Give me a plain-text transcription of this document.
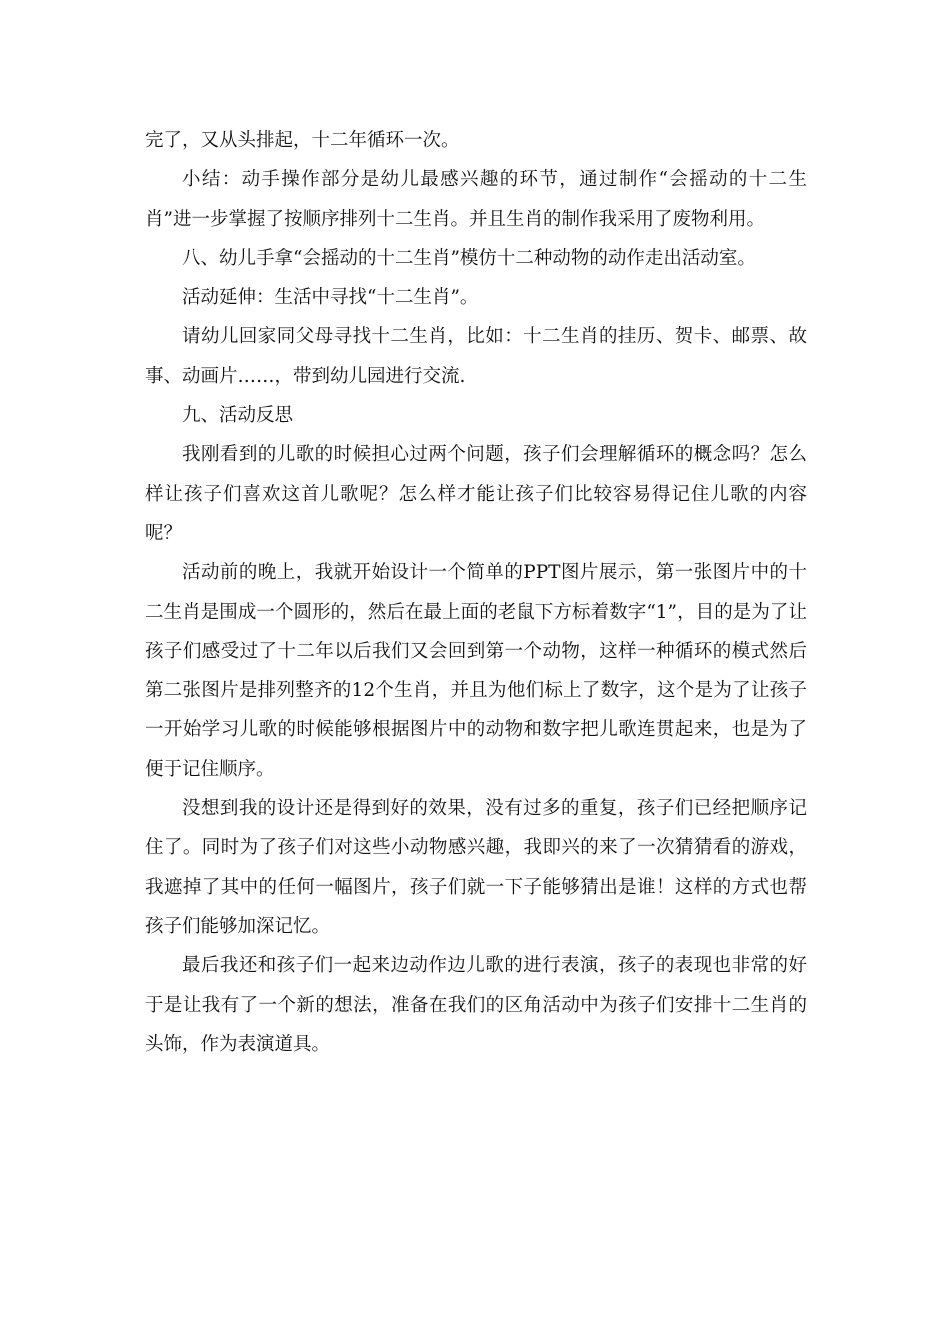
完了，又从头排起，十二年循环一次。

小结：动手操作部分是幼儿最感兴趣的环节，通过制作“会摇动的十二生肖”进一步掌握了按顺序排列十二生肖。并且生肖的制作我采用了废物利用。

八、幼儿手拿“会摇动的十二生肖”模仿十二种动物的动作走出活动室。

活动延伸：生活中寻找“十二生肖”。

请幼儿回家同父母寻找十二生肖，比如：十二生肖的挂历、贺卡、邮票、故事、动画片……，带到幼儿园进行交流.

九、活动反思

我刚看到的儿歌的时候担心过两个问题，孩子们会理解循环的概念吗？怎么样让孩子们喜欢这首儿歌呢？怎么样才能让孩子们比较容易得记住儿歌的内容呢？

活动前的晚上，我就开始设计一个简单的PPT图片展示，第一张图片中的十二生肖是围成一个圆形的，然后在最上面的老鼠下方标着数字“1”，目的是为了让孩子们感受过了十二年以后我们又会回到第一个动物，这样一种循环的模式然后第二张图片是排列整齐的12个生肖，并且为他们标上了数字，这个是为了让孩子一开始学习儿歌的时候能够根据图片中的动物和数字把儿歌连贯起来，也是为了便于记住顺序。

没想到我的设计还是得到好的效果，没有过多的重复，孩子们已经把顺序记住了。同时为了孩子们对这些小动物感兴趣，我即兴的来了一次猜猜看的游戏，我遮掉了其中的任何一幅图片，孩子们就一下子能够猜出是谁！这样的方式也帮孩子们能够加深记忆。

最后我还和孩子们一起来边动作边儿歌的进行表演，孩子的表现也非常的好于是让我有了一个新的想法，准备在我们的区角活动中为孩子们安排十二生肖的头饰，作为表演道具。
